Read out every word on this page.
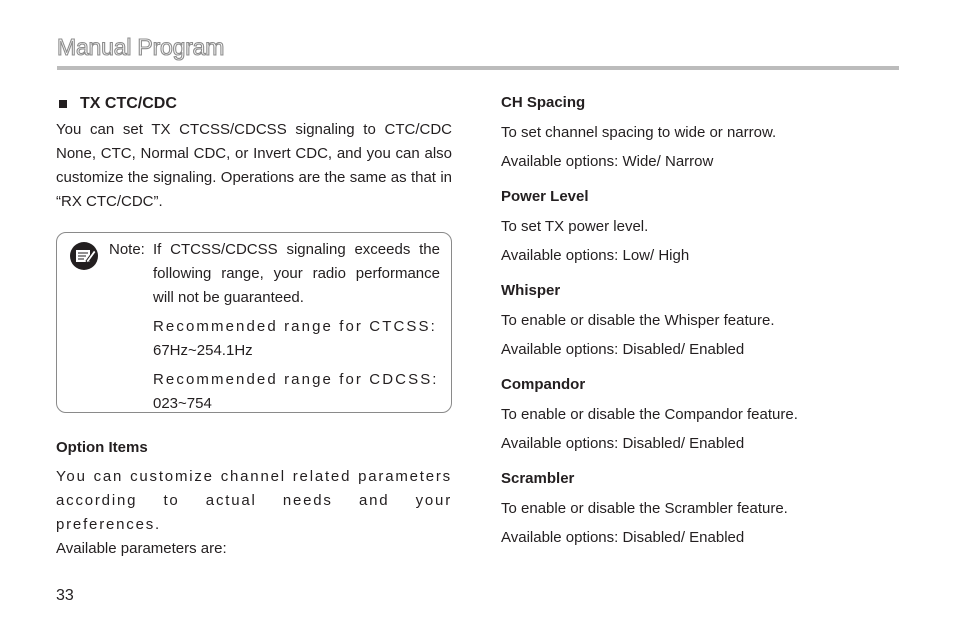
Manual Program
TX CTC/CDC

You can set TX CTCSS/CDCSS signaling to CTC/CDC None, CTC, Normal CDC, or Invert CDC, and you can also customize the signaling. Operations are the same as that in “RX CTC/CDC”.

Note: If CTCSS/CDCSS signaling exceeds the following range, your radio performance will not be guaranteed.
Recommended range for CTCSS:
67Hz~254.1Hz
Recommended range for CDCSS:
023~754
Option Items

You can customize channel related parameters according to actual needs and your preferences.

Available parameters are:

CH Spacing

To set channel spacing to wide or narrow.

Available options: Wide/ Narrow

Power Level

To set TX power level.

Available options: Low/ High

Whisper

To enable or disable the Whisper feature.

Available options: Disabled/ Enabled

Compandor

To enable or disable the Compandor feature.

Available options: Disabled/ Enabled

Scrambler

To enable or disable the Scrambler feature.

Available options: Disabled/ Enabled

33
